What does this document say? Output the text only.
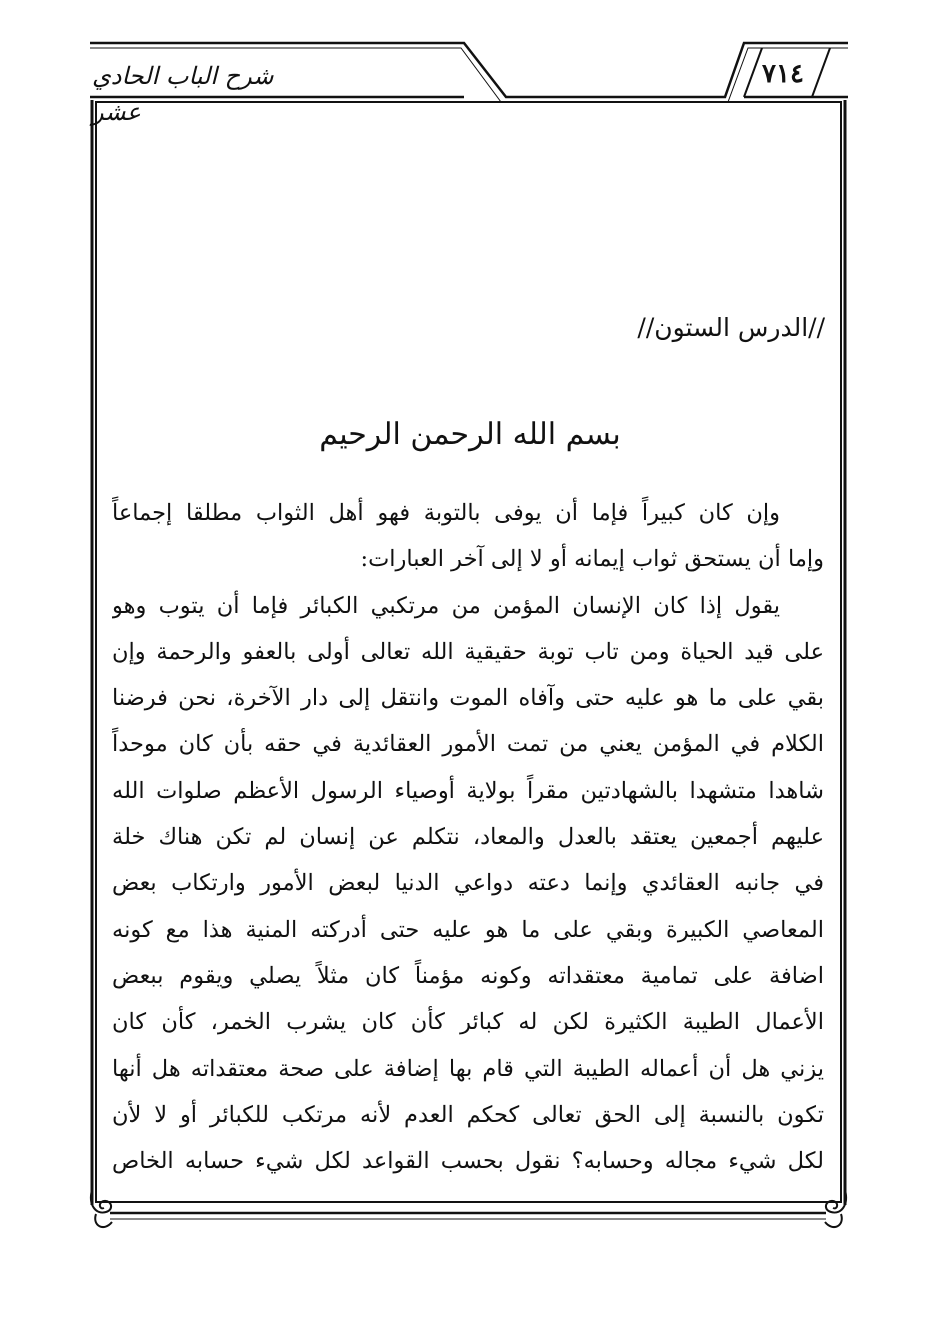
شرح الباب الحادي عشر
٧١٤
//الدرس الستون//
بسم الله الرحمن الرحيم
وإن كان كبيراً فإما أن يوفى بالتوبة فهو أهل الثواب مطلقا إجماعاً
وإما أن يستحق ثواب إيمانه أو لا إلى آخر العبارات:
يقول إذا كان الإنسان المؤمن من مرتكبي الكبائر فإما أن يتوب وهو
على قيد الحياة ومن تاب توبة حقيقية الله تعالى أولى بالعفو والرحمة وإن
بقي على ما هو عليه حتى وآفاه الموت وانتقل إلى دار الآخرة، نحن فرضنا
الكلام في المؤمن يعني من تمت الأمور العقائدية في حقه بأن كان موحداً
شاهدا متشهدا بالشهادتين مقراً بولاية أوصياء الرسول الأعظم صلوات الله
عليهم أجمعين يعتقد بالعدل والمعاد، نتكلم عن إنسان لم تكن هناك خلة
في جانبه العقائدي وإنما دعته دواعي الدنيا لبعض الأمور وارتكاب بعض
المعاصي الكبيرة وبقي على ما هو عليه حتى أدركته المنية هذا مع كونه
اضافة على تمامية معتقداته وكونه مؤمناً كان مثلاً يصلي ويقوم ببعض
الأعمال الطيبة الكثيرة لكن له كبائر كأن كان يشرب الخمر، كأن كان
يزني هل أن أعماله الطيبة التي قام بها إضافة على صحة معتقداته هل أنها
تكون بالنسبة إلى الحق تعالى كحكم العدم لأنه مرتكب للكبائر أو لا لأن
لكل شيء مجاله وحسابه؟ نقول بحسب القواعد لكل شيء حسابه الخاص
